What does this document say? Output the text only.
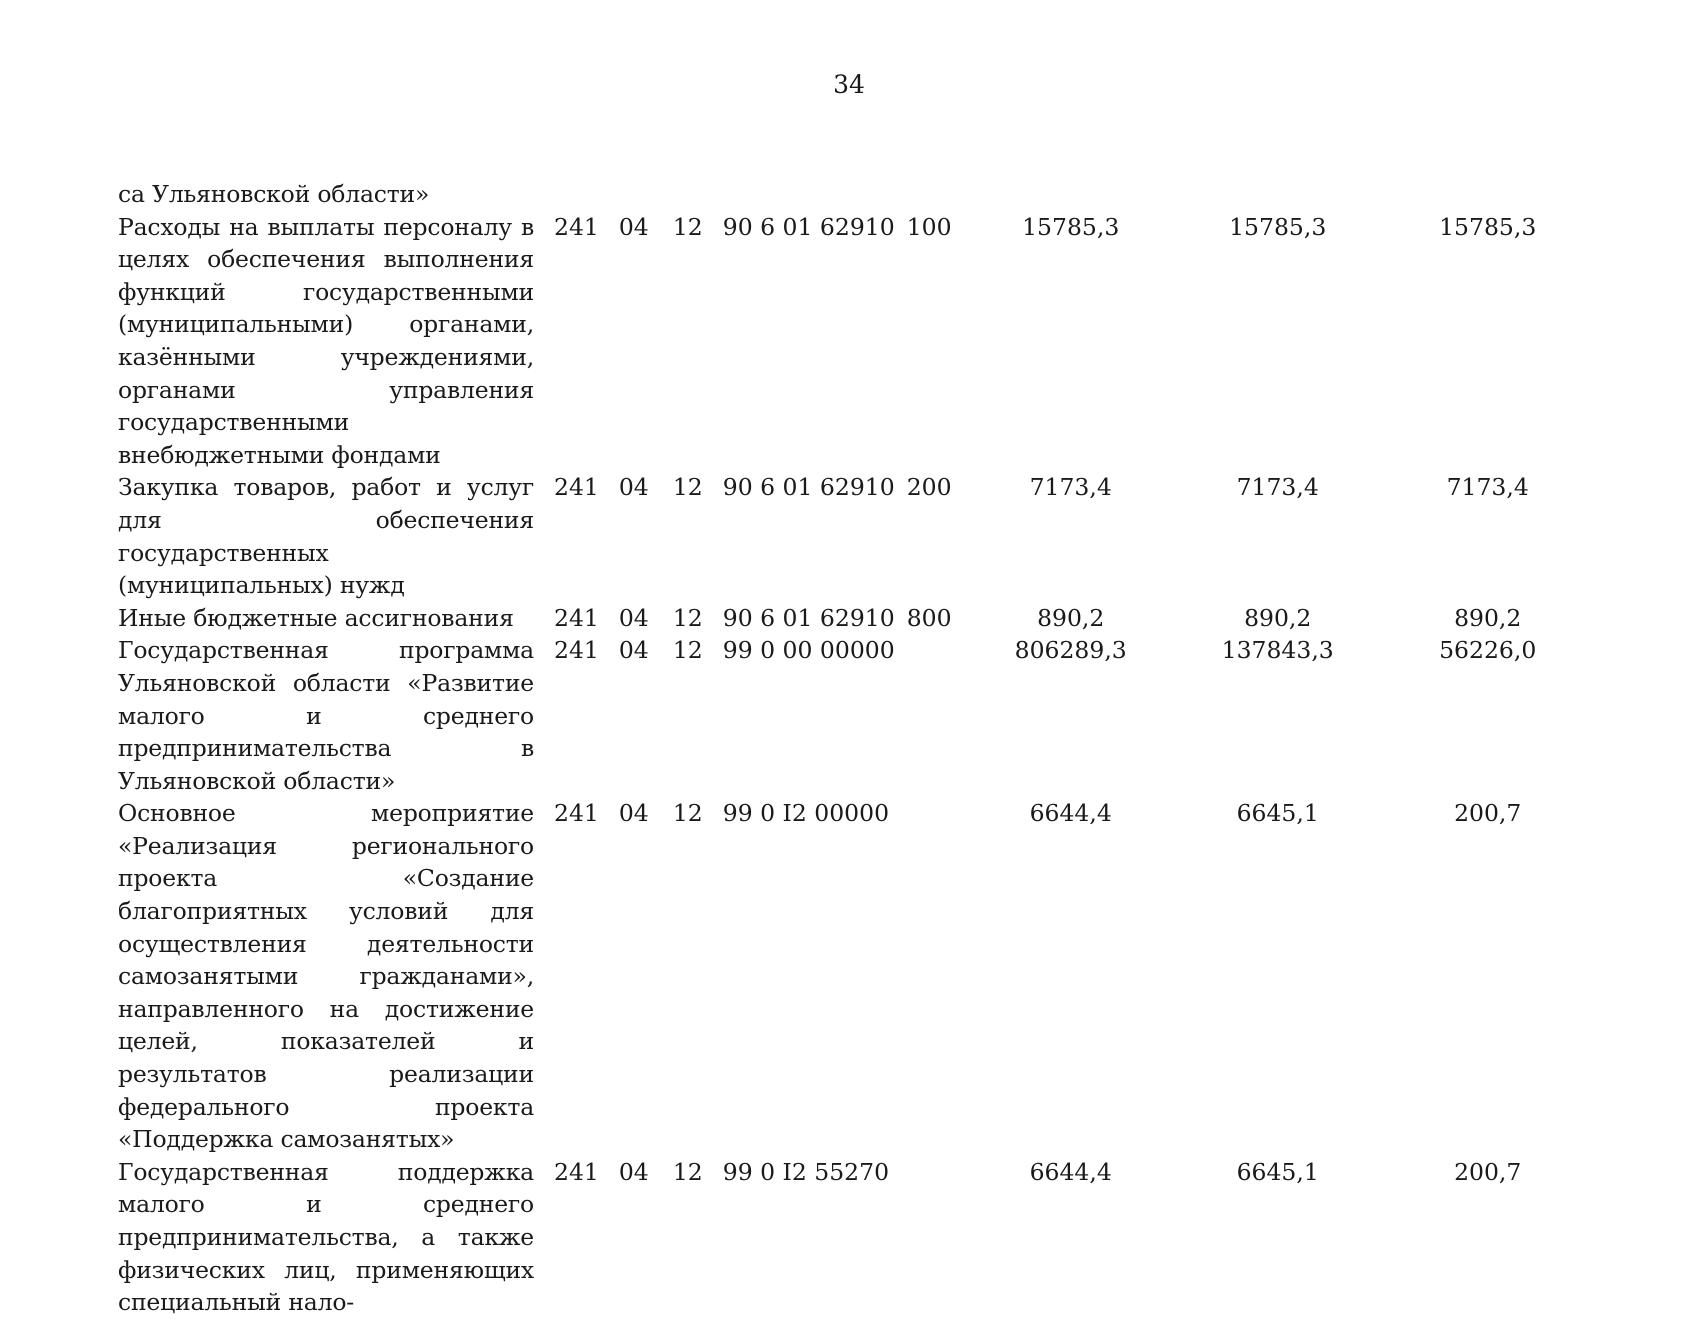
34
са Ульяновской области»								
Расходы на выплаты персоналу в целях обеспечения выполнения функций государственными (муниципальными) органами, казёнными учреждениями, органами управления государственными внебюджетными фондами	241	04	12	90 6 01 62910	100	15785,3	15785,3	15785,3
Закупка товаров, работ и услуг для обеспечения государственных (муниципальных) нужд	241	04	12	90 6 01 62910	200	7173,4	7173,4	7173,4
Иные бюджетные ассигнования	241	04	12	90 6 01 62910	800	890,2	890,2	890,2
Государственная программа Ульяновской области «Развитие малого и среднего предпринимательства в Ульяновской области»	241	04	12	99 0 00 00000		806289,3	137843,3	56226,0
Основное мероприятие «Реализация регионального проекта «Создание благоприятных условий для осуществления деятельности самозанятыми гражданами», направленного на достижение целей, показателей и результатов реализации федерального проекта «Поддержка самозанятых»	241	04	12	99 0 I2 00000		6644,4	6645,1	200,7
Государственная поддержка малого и среднего предпринимательства, а также физических лиц, применяющих специальный нало-	241	04	12	99 0 I2 55270		6644,4	6645,1	200,7
